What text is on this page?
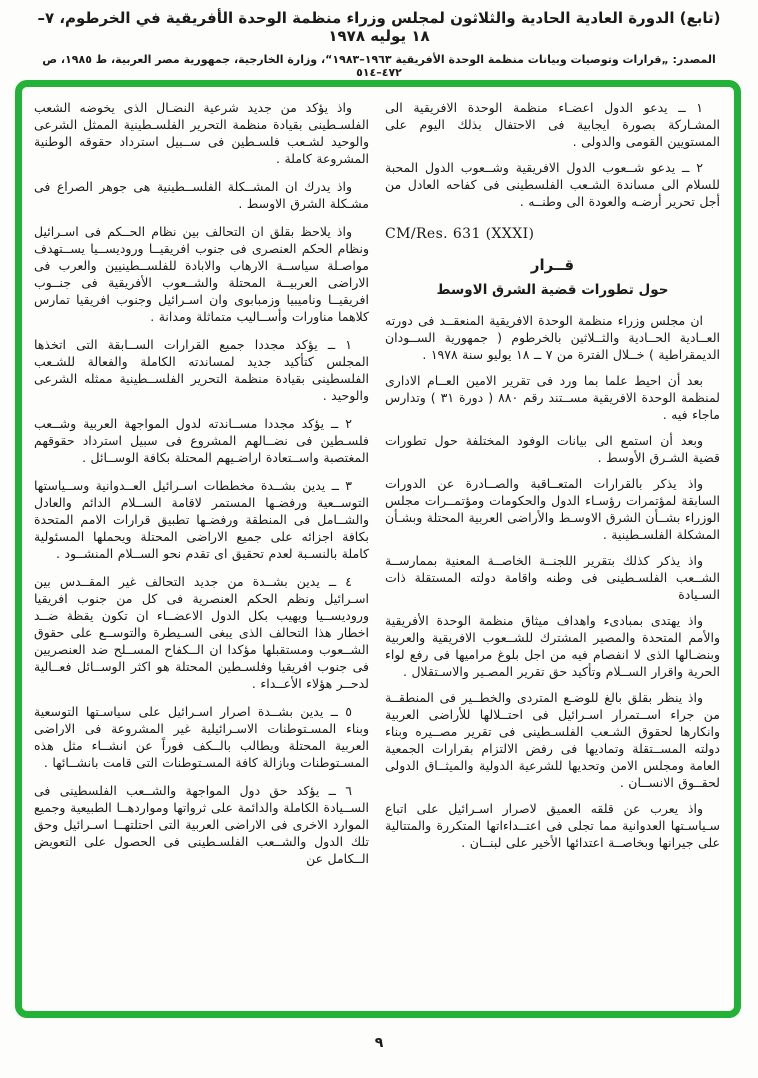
(تابع) الدورة العادية الحادية والثلاثون لمجلس وزراء منظمة الوحدة الأفريقية في الخرطوم، ٧–١٨ يوليه ١٩٧٨
المصدر: „قرارات وتوصيات وبيانات منظمة الوحدة الأفريقية ١٩٦٣–١٩٨٣“، وزارة الخارجية، جمهورية مصر العربية، ط ١٩٨٥، ص ٤٧٢–٥١٤

١ ــ يدعو الدول اعضـاء منظمة الوحدة الافريقية الى المشـاركة بصورة ايجابية فى الاحتفال بذلك اليوم على المستويين القومى والدولى .

٢ ــ يدعو شــعوب الدول الافريقية وشــعوب الدول المحبة للسلام الى مساندة الشـعب الفلسطينى فى كفاحه العادل من أجل تحرير أرضـه والعودة الى وطنــه .

CM/Res. 631 (XXXI)
قــرار
حول تطورات قضية الشرق الاوسط

ان مجلس وزراء منظمة الوحدة الافريقية المنعقــد فى دورته العــادية الحــادية والثــلاثين بالخرطوم ( جمهورية الســودان الديمقراطية ) خــلال الفترة من ٧ ــ ١٨ يوليو سنة ١٩٧٨ .

بعد أن احيط علما بما ورد فى تقرير الامين العــام الادارى لمنظمة الوحدة الافريقية مســتند رقم ٨٨٠ ( دورة ٣١ ) وتدارس ماجاء فيه .

وبعد أن استمع الى بيانات الوفود المختلفة حول تطورات قضية الشـرق الأوسط .

واذ يذكر بالقرارات المتعــاقبة والصــادرة عن الدورات السابقة لمؤتمرات رؤسـاء الدول والحكومات ومؤتمــرات مجلس الوزراء بشــأن الشرق الاوسـط والأراضى العربية المحتلة وبشـأن المشكلة الفلسـطينية .

واذ يذكر كذلك بتقرير اللجنــة الخاصــة المعنية بممارســة الشــعب الفلسـطينى فى وطنه واقامة دولته المستقلة ذات السـيادة

واذ يهتدى بمبادىء واهداف ميثاق منظمة الوحدة الأفريقية والأمم المتحدة والمصير المشترك للشــعوب الافريقية والعربية وبنضـالها الذى لا انفصام فيه من اجل بلوغ مراميها فى رفع لواء الحرية واقرار الســلام وتأكيد حق تقرير المصـير والاسـتقلال .

واذ ينظر بقلق بالغ للوضـع المتردى والخطــير فى المنطقــة من جراء اســتمرار اسـرائيل فى احتــلالها للأراضى العربية وانكارها لحقوق الشـعب الفلسـطينى فى تقرير مصــيره وبناء دولته المســتقلة وتماديها فى رفض الالتزام بقرارات الجمعية العامة ومجلس الامن وتحديها للشرعية الدولية والميثــاق الدولى لحقــوق الانســان .

واذ يعرب عن قلقه العميق لاصرار اسـرائيل على اتباع سـياسـتها العدوانية مما تجلى فى اعتــداءاتها المتكررة والمتتالية على جيرانها وبخاصــة اعتدائها الأخير على لبنــان .

واذ يؤكد من جديد شرعية النضـال الذى يخوضه الشعب الفلسـطينى بقيادة منظمة التحرير الفلسـطينية الممثل الشرعى والوحيد لشـعب فلسـطين فى ســبيل استرداد حقوقه الوطنية المشروعة كاملة .

واذ يدرك ان المشــكلة الفلســطينية هى جوهر الصراع فى مشـكلة الشرق الاوسط .

واذ يلاحظ بقلق ان التحالف بين نظام الحــكم فى اسـرائيل ونظام الحكم العنصرى فى جنوب افريقيــا وروديســيا يســتهدف مواصـلة سياســة الارهاب والابادة للفلســطينيين والعرب فى الاراضى العربيــة المحتلة والشــعوب الأفريقية فى جنــوب افريقيــا وناميبيا وزمبابوى وان اسـرائيل وجنوب افريقيا تمارس كلاهما مناورات وأســاليب متماثلة ومدانة .

١ ــ يؤكد مجددا جميع القرارات الســابقة التى اتخذها المجلس كتأكيد جديد لمساندته الكاملة والفعالة للشـعب الفلسطينى بقيادة منظمة التحرير الفلســطينية ممثله الشرعى والوحيد .

٢ ــ يؤكد مجددا مســاندته لدول المواجهة العربية وشــعب فلسـطين فى نضــالهم المشروع فى سبيل استرداد حقوقهم المغتصبة واســتعادة اراضـيهم المحتلة بكافة الوســائل .

٣ ــ يدين بشــدة مخططات اسـرائيل العــدوانية وســياستها التوســعية ورفضـها المستمر لاقامة الســلام الدائم والعادل والشــامل فى المنطقة ورفضـها تطبيق قرارات الامم المتحدة بكافة اجزائه على جميع الاراضى المحتلة ويحملها المسئولية كاملة بالنسـبة لعدم تحقيق اى تقدم نحو الســلام المنشــود .

٤ ــ يدين بشــدة من جديد التحالف غير المقــدس بين اسـرائيل ونظم الحكم العنصرية فى كل من جنوب افريقيا وروديســيا ويهيب بكل الدول الاعضــاء ان تكون يقظة ضــد اخطار هذا التحالف الذى يبغى السـيطرة والتوســع على حقوق الشــعوب ومستقبلها مؤكدا ان الــكفاح المســلح ضد العنصريين فى جنوب افريقيا وفلسـطين المحتلة هو اكثر الوســائل فعــالية لدحــر هؤلاء الأعــداء .

٥ ــ يدين بشــدة اصرار اسـرائيل على سياسـتها التوسعية وبناء المسـتوطنات الاسـرائيلية غير المشروعة فى الاراضى العربية المحتلة ويطالب بالــكف فوراً عن انشــاء مثل هذه المسـتوطنات وبازالة كافة المسـتوطنات التى قامت بانشــائها .

٦ ــ يؤكد حق دول المواجهة والشــعب الفلسطينى فى الســيادة الكاملة والدائمة على ثرواتها ومواردهــا الطبيعية وجميع الموارد الاخرى فى الاراضى العربية التى احتلتهــا اسـرائيل وحق تلك الدول والشــعب الفلسـطينى فى الحصول على التعويض الــكامل عن

٩
